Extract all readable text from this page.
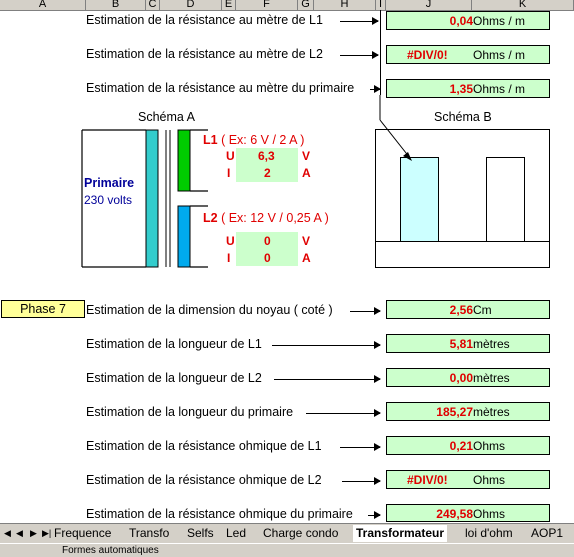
A	B	C	D	E	F	G	H	I	J	K
Estimation de la résistance au mètre de L1	0,04 Ohms / m
Estimation de la résistance au mètre de L2	#DIV/0! Ohms / m
Estimation de la résistance au mètre du primaire	1,35 Ohms / m
Schéma A
Primaire
230 volts
L1 ( Ex: 6 V / 2 A )
U 6,3 V
I	2	A
L2 ( Ex: 12 V / 0,25 A )
U 0	V
I	0	A
Schéma B
Phase 7	Estimation de la dimension du noyau ( coté )	2,56 Cm
Estimation de la longueur de L1	5,81 mètres
Estimation de la longueur de L2	0,00 mètres
Estimation de la longueur du primaire	185,27 mètres
Estimation de la résistance ohmique de L1	0,21 Ohms
Estimation de la résistance ohmique de L2	#DIV/0! Ohms
Estimation de la résistance ohmique du primaire	249,58 Ohms
◀ ◀ ▶ ▶| Frequence Transfo Selfs Led Charge condo Transformateur loi d'ohm AOP1
Formes automatiques
